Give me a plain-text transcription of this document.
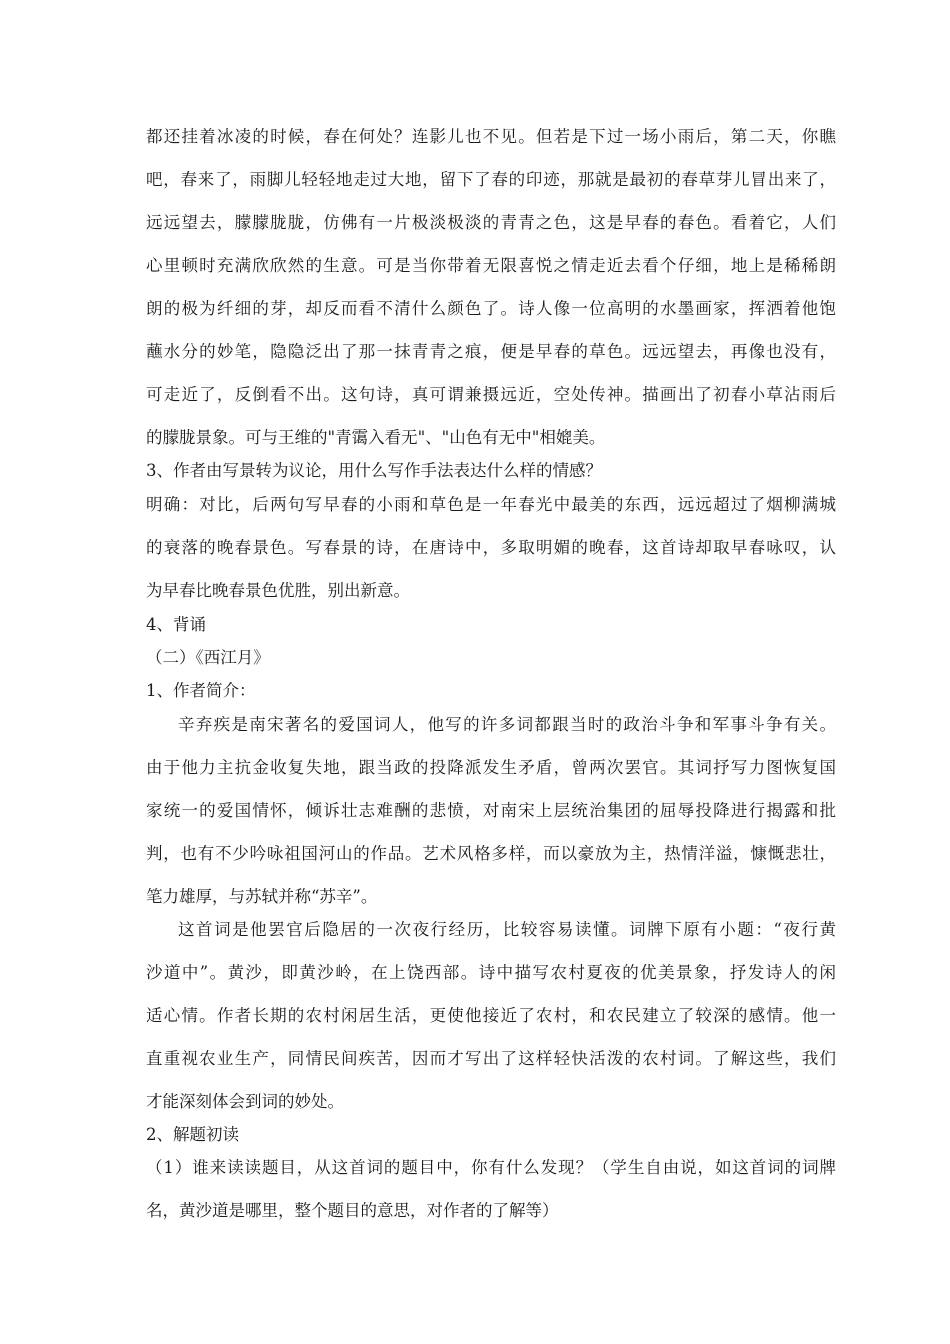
都还挂着冰凌的时候，春在何处？连影儿也不见。但若是下过一场小雨后，第二天，你瞧
吧，春来了，雨脚儿轻轻地走过大地，留下了春的印迹，那就是最初的春草芽儿冒出来了，
远远望去，朦朦胧胧，仿佛有一片极淡极淡的青青之色，这是早春的春色。看着它，人们
心里顿时充满欣欣然的生意。可是当你带着无限喜悦之情走近去看个仔细，地上是稀稀朗
朗的极为纤细的芽，却反而看不清什么颜色了。诗人像一位高明的水墨画家，挥洒着他饱
蘸水分的妙笔，隐隐泛出了那一抹青青之痕，便是早春的草色。远远望去，再像也没有，
可走近了，反倒看不出。这句诗，真可谓兼摄远近，空处传神。描画出了初春小草沾雨后
的朦胧景象。可与王维的"青霭入看无"、"山色有无中"相媲美。
3、作者由写景转为议论，用什么写作手法表达什么样的情感？
明确：对比，后两句写早春的小雨和草色是一年春光中最美的东西，远远超过了烟柳满城
的衰落的晚春景色。写春景的诗，在唐诗中，多取明媚的晚春，这首诗却取早春咏叹，认
为早春比晚春景色优胜，别出新意。
4、背诵
（二）《西江月》
1、作者简介：
辛弃疾是南宋著名的爱国词人，他写的许多词都跟当时的政治斗争和军事斗争有关。
由于他力主抗金收复失地，跟当政的投降派发生矛盾，曾两次罢官。其词抒写力图恢复国
家统一的爱国情怀，倾诉壮志难酬的悲愤，对南宋上层统治集团的屈辱投降进行揭露和批
判，也有不少吟咏祖国河山的作品。艺术风格多样，而以豪放为主，热情洋溢，慷慨悲壮，
笔力雄厚，与苏轼并称“苏辛”。
这首词是他罢官后隐居的一次夜行经历，比较容易读懂。词牌下原有小题：“夜行黄
沙道中”。黄沙，即黄沙岭，在上饶西部。诗中描写农村夏夜的优美景象，抒发诗人的闲
适心情。作者长期的农村闲居生活，更使他接近了农村，和农民建立了较深的感情。他一
直重视农业生产，同情民间疾苦，因而才写出了这样轻快活泼的农村词。了解这些，我们
才能深刻体会到词的妙处。
2、解题初读
（1）谁来读读题目，从这首词的题目中，你有什么发现？（学生自由说，如这首词的词牌
名，黄沙道是哪里，整个题目的意思，对作者的了解等）
